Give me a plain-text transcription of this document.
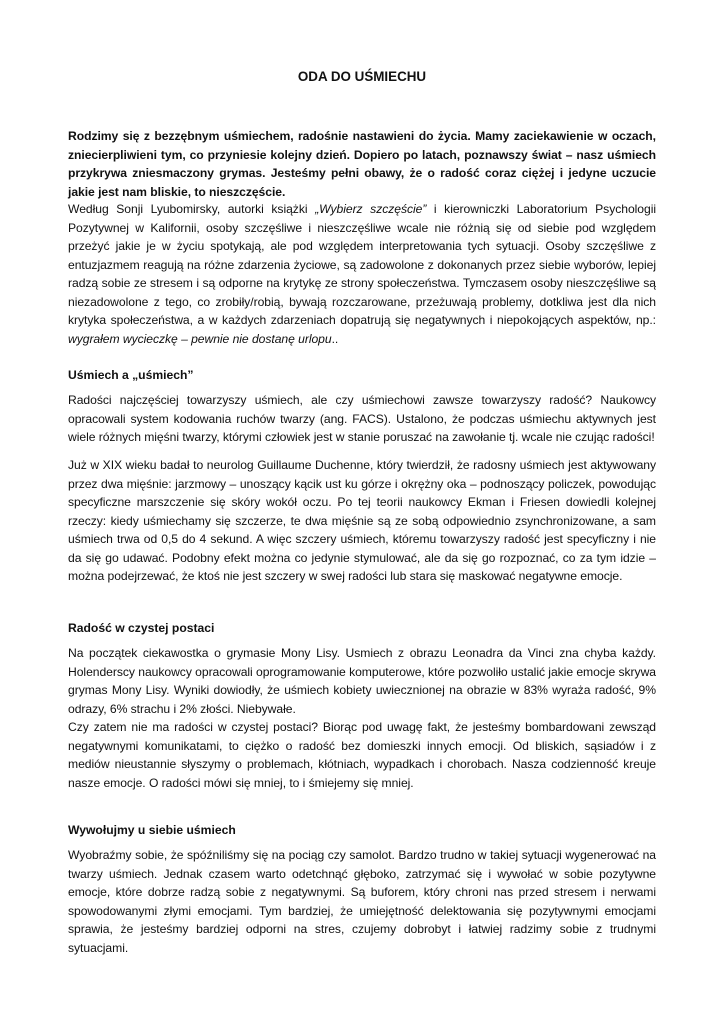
ODA DO UŚMIECHU

Rodzimy się z bezzębnym uśmiechem, radośnie nastawieni do życia. Mamy zaciekawienie w oczach, zniecierpliwieni tym, co przyniesie kolejny dzień. Dopiero po latach, poznawszy świat – nasz uśmiech przykrywa zniesmaczony grymas. Jesteśmy pełni obawy, że o radość coraz ciężej i jedyne uczucie jakie jest nam bliskie, to nieszczęście.

Według Sonji Lyubomirsky, autorki książki „Wybierz szczęście” i kierowniczki Laboratorium Psychologii Pozytywnej w Kalifornii, osoby szczęśliwe i nieszczęśliwe wcale nie różnią się od siebie pod względem przeżyć jakie je w życiu spotykają, ale pod względem interpretowania tych sytuacji. Osoby szczęśliwe z entuzjazmem reagują na różne zdarzenia życiowe, są zadowolone z dokonanych przez siebie wyborów, lepiej radzą sobie ze stresem i są odporne na krytykę ze strony społeczeństwa. Tymczasem osoby nieszczęśliwe są niezadowolone z tego, co zrobiły/robią, bywają rozczarowane, przeżuwają problemy, dotkliwa jest dla nich krytyka społeczeństwa, a w każdych zdarzeniach dopatrują się negatywnych i niepokojących aspektów, np.: wygrałem wycieczkę – pewnie nie dostanę urlopu..

Uśmiech a „uśmiech”

Radości najczęściej towarzyszy uśmiech, ale czy uśmiechowi zawsze towarzyszy radość? Naukowcy opracowali system kodowania ruchów twarzy (ang. FACS). Ustalono, że podczas uśmiechu aktywnych jest wiele różnych mięśni twarzy, którymi człowiek jest w stanie poruszać na zawołanie tj. wcale nie czując radości!

Już w XIX wieku badał to neurolog Guillaume Duchenne, który twierdził, że radosny uśmiech jest aktywowany przez dwa mięśnie: jarzmowy – unoszący kącik ust ku górze i okrężny oka – podnoszący policzek, powodując specyficzne marszczenie się skóry wokół oczu. Po tej teorii naukowcy Ekman i Friesen dowiedli kolejnej rzeczy: kiedy uśmiechamy się szczerze, te dwa mięśnie są ze sobą odpowiednio zsynchronizowane, a sam uśmiech trwa od 0,5 do 4 sekund. A więc szczery uśmiech, któremu towarzyszy radość jest specyficzny i nie da się go udawać. Podobny efekt można co jedynie stymulować, ale da się go rozpoznać, co za tym idzie – można podejrzewać, że ktoś nie jest szczery w swej radości lub stara się maskować negatywne emocje.

Radość w czystej postaci

Na początek ciekawostka o grymasie Mony Lisy. Usmiech z obrazu Leonadra da Vinci zna chyba każdy. Holenderscy naukowcy opracowali oprogramowanie komputerowe, które pozwoliło ustalić jakie emocje skrywa grymas Mony Lisy. Wyniki dowiodły, że uśmiech kobiety uwiecznionej na obrazie w 83% wyraża radość, 9% odrazy, 6% strachu i 2% złości. Niebywałe.

Czy zatem nie ma radości w czystej postaci? Biorąc pod uwagę fakt, że jesteśmy bombardowani zewsząd negatywnymi komunikatami, to ciężko o radość bez domieszki innych emocji. Od bliskich, sąsiadów i z mediów nieustannie słyszymy o problemach, kłótniach, wypadkach i chorobach. Nasza codzienność kreuje nasze emocje. O radości mówi się mniej, to i śmiejemy się mniej.

Wywołujmy u siebie uśmiech

Wyobraźmy sobie, że spóźniliśmy się na pociąg czy samolot. Bardzo trudno w takiej sytuacji wygenerować na twarzy uśmiech. Jednak czasem warto odetchnąć głęboko, zatrzymać się i wywołać w sobie pozytywne emocje, które dobrze radzą sobie z negatywnymi. Są buforem, który chroni nas przed stresem i nerwami spowodowanymi złymi emocjami. Tym bardziej, że umiejętność delektowania się pozytywnymi emocjami sprawia, że jesteśmy bardziej odporni na stres, czujemy dobrobyt i łatwiej radzimy sobie z trudnymi sytuacjami.
